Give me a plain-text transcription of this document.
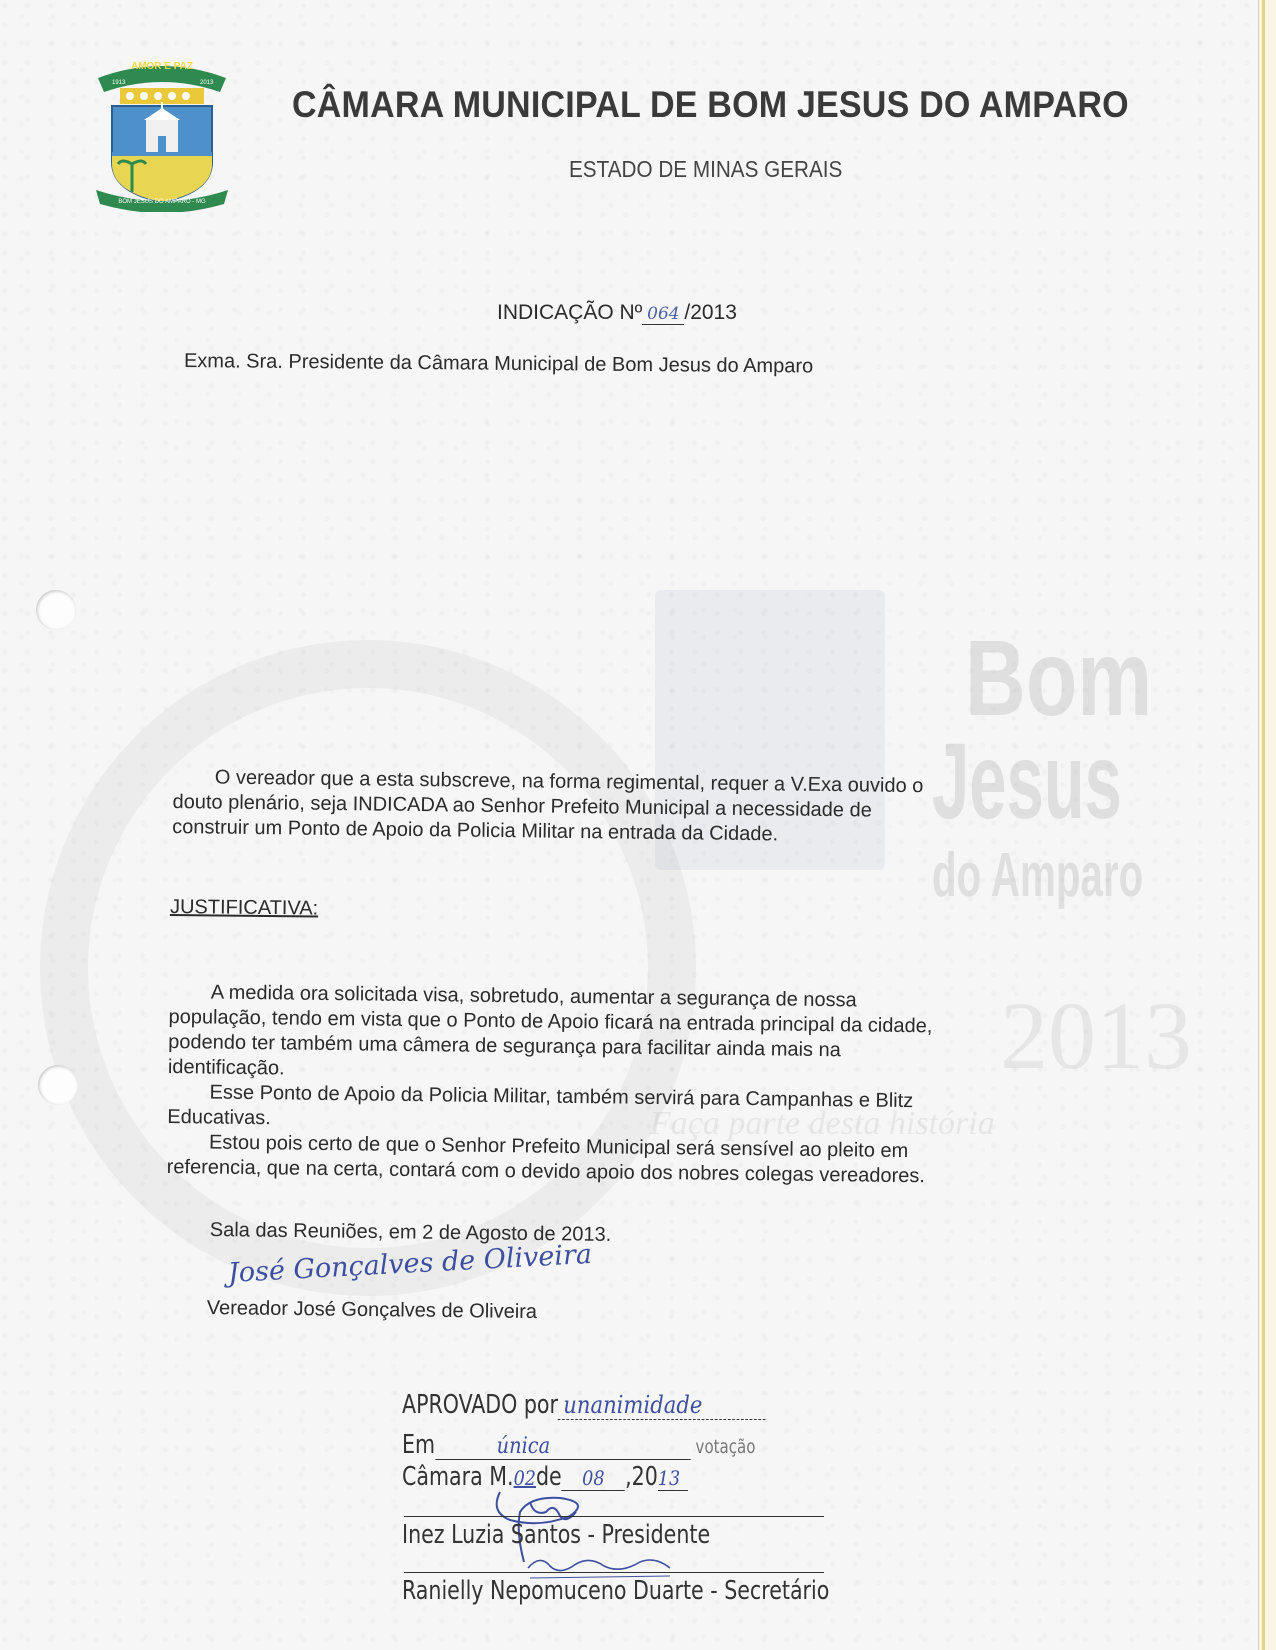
Bom
Jesus
do Amparo
2013
Faça parte desta história
AMOR E PAZ
1913	2013
BOM JESUS DO AMPARO - MG
CÂMARA MUNICIPAL DE BOM JESUS DO AMPARO
ESTADO DE MINAS GERAIS
INDICAÇÃO Nº 064 /2013
Exma. Sra. Presidente da Câmara Municipal de Bom Jesus do Amparo
O vereador que a esta subscreve, na forma regimental, requer a V.Exa ouvido o
douto plenário, seja INDICADA ao Senhor Prefeito Municipal a necessidade de
construir um Ponto de Apoio da Policia Militar na entrada da Cidade.
JUSTIFICATIVA:
A medida ora solicitada visa, sobretudo, aumentar a segurança de nossa
população, tendo em vista que o Ponto de Apoio ficará na entrada principal da cidade,
podendo ter também uma câmera de segurança para facilitar ainda mais na
identificação.
Esse Ponto de Apoio da Policia Militar, também servirá para Campanhas e Blitz
Educativas.
Estou pois certo de que o Senhor Prefeito Municipal será sensível ao pleito em
referencia, que na certa, contará com o devido apoio dos nobres colegas vereadores.
Sala das Reuniões, em 2 de Agosto de 2013.
José Gonçalves de Oliveira
Vereador José Gonçalves de Oliveira
APROVADO por unanimidade
Em	única	votação
Câmara M.02de 08 ,2013
Inez Luzia Santos - Presidente
Ranielly Nepomuceno Duarte - Secretário
